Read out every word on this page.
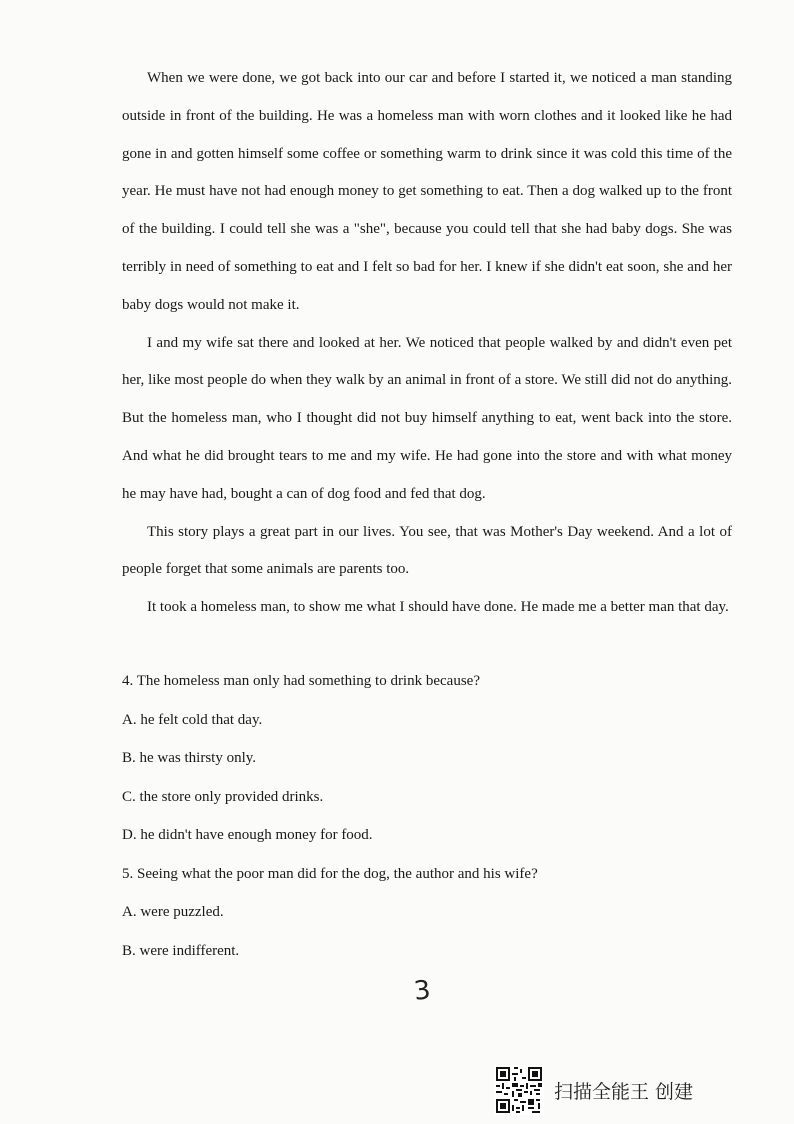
When we were done, we got back into our car and before I started it, we noticed a man standing outside in front of the building. He was a homeless man with worn clothes and it looked like he had gone in and gotten himself some coffee or something warm to drink since it was cold this time of the year. He must have not had enough money to get something to eat. Then a dog walked up to the front of the building. I could tell she was a "she", because you could tell that she had baby dogs. She was terribly in need of something to eat and I felt so bad for her. I knew if she didn't eat soon, she and her baby dogs would not make it.

I and my wife sat there and looked at her. We noticed that people walked by and didn't even pet her, like most people do when they walk by an animal in front of a store. We still did not do anything. But the homeless man, who I thought did not buy himself anything to eat, went back into the store. And what he did brought tears to me and my wife. He had gone into the store and with what money he may have had, bought a can of dog food and fed that dog.

This story plays a great part in our lives. You see, that was Mother's Day weekend. And a lot of people forget that some animals are parents too.

It took a homeless man, to show me what I should have done. He made me a better man that day.

4. The homeless man only had something to drink because?
A. he felt cold that day.
B. he was thirsty only.
C. the store only provided drinks.
D. he didn't have enough money for food.
5. Seeing what the poor man did for the dog, the author and his wife?
A. were puzzled.
B. were indifferent.
3
扫描全能王 创建
